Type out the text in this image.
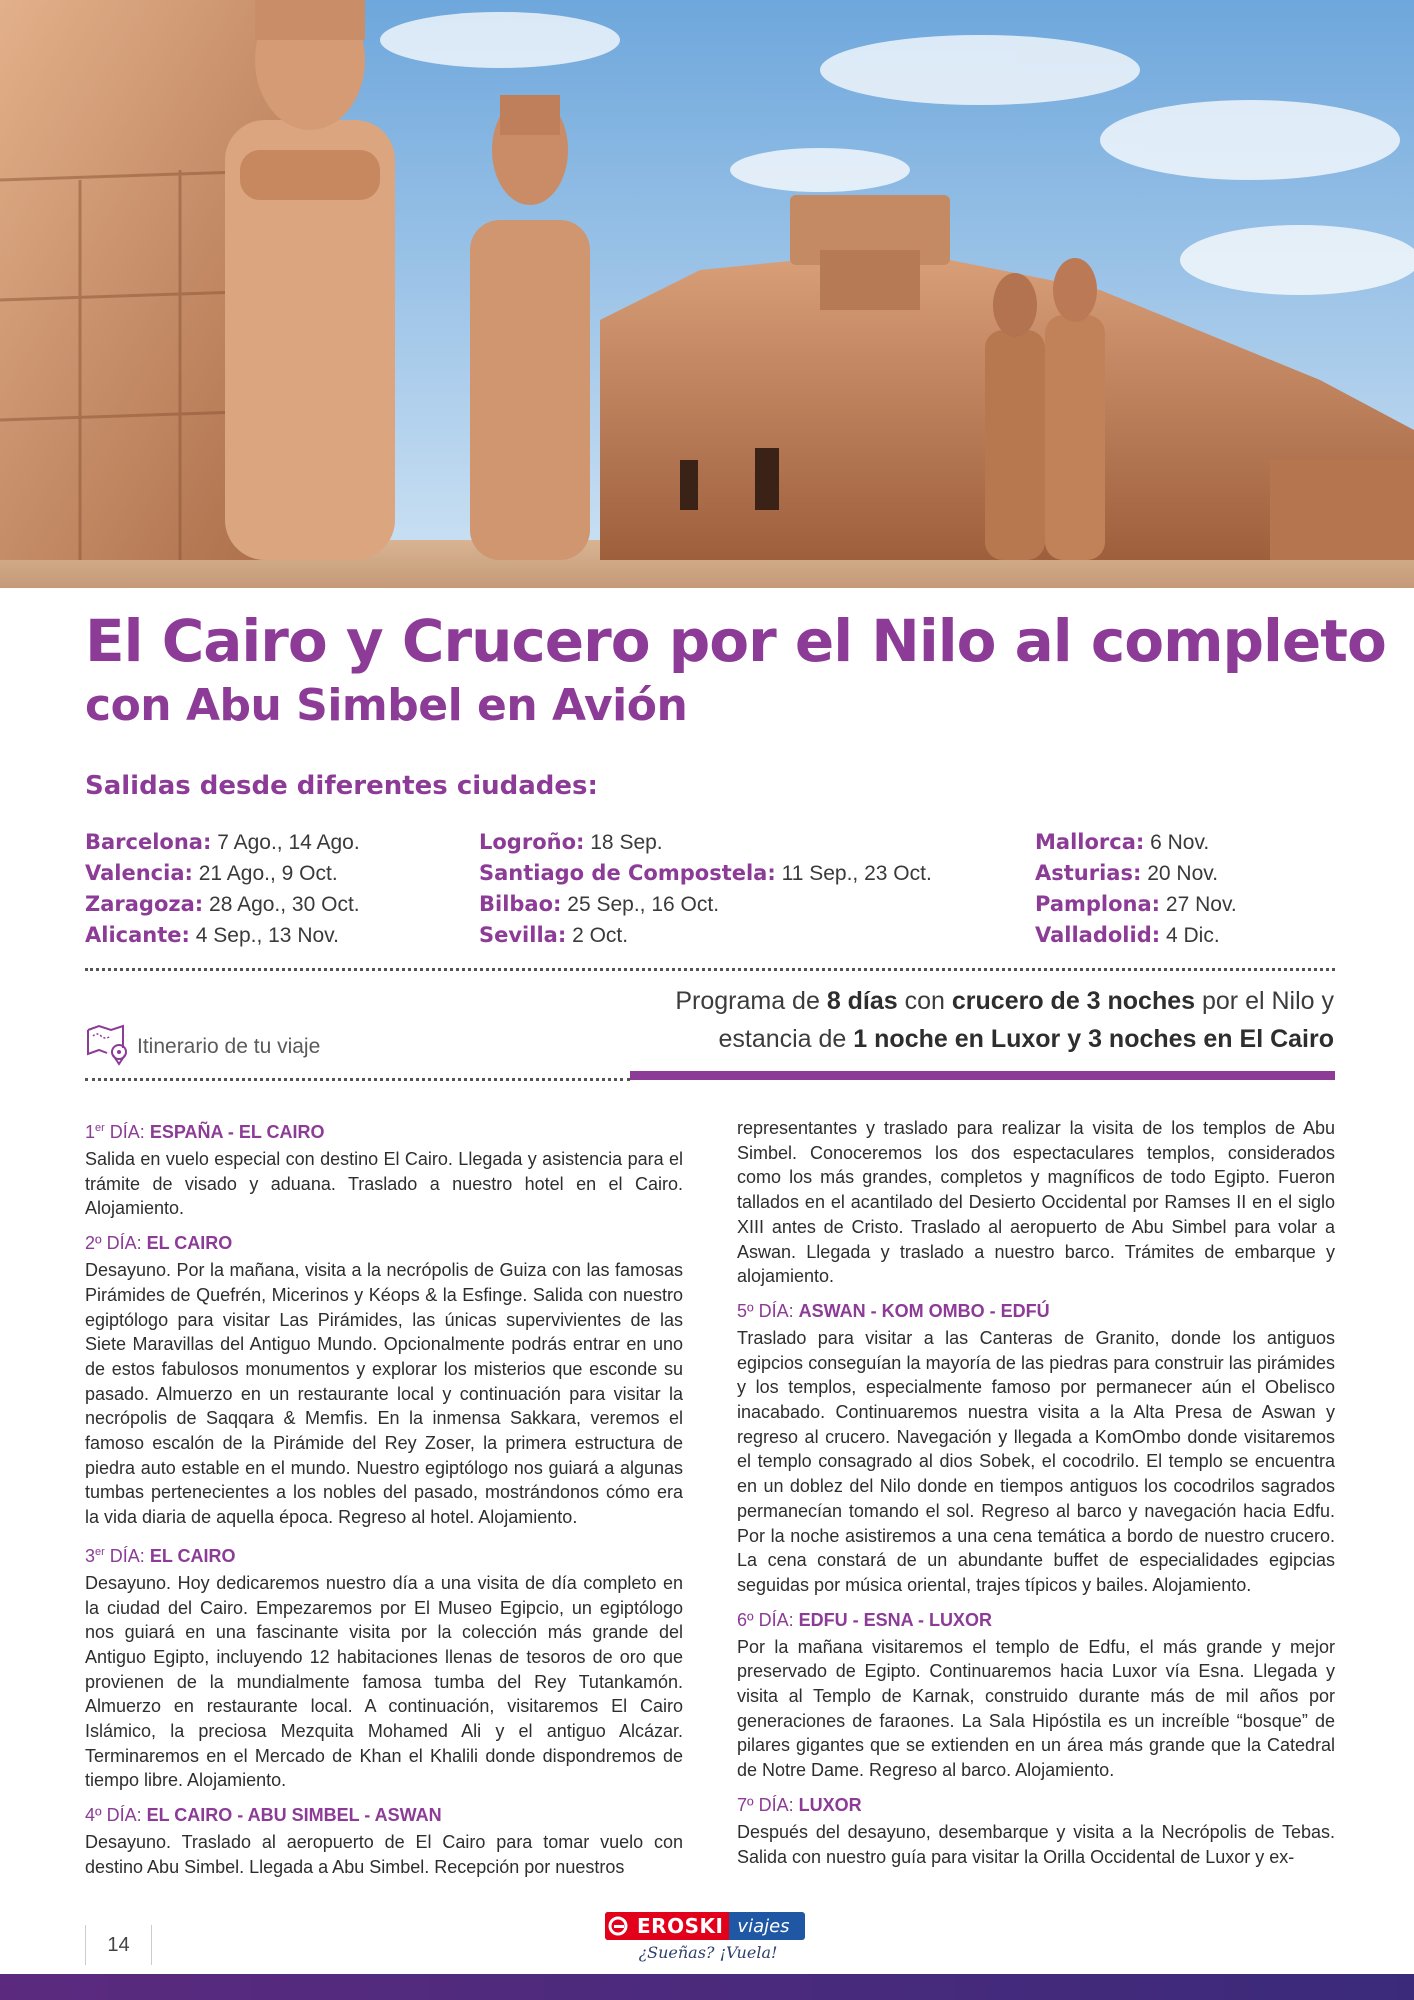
El Cairo y Crucero por el Nilo al completo
con Abu Simbel en Avión
Salidas desde diferentes ciudades:
Barcelona: 7 Ago., 14 Ago.
Valencia: 21 Ago., 9 Oct.
Zaragoza: 28 Ago., 30 Oct.
Alicante: 4 Sep., 13 Nov.
Logroño: 18 Sep.
Santiago de Compostela: 11 Sep., 23 Oct.
Bilbao: 25 Sep., 16 Oct.
Sevilla: 2 Oct.
Mallorca: 6 Nov.
Asturias: 20 Nov.
Pamplona: 27 Nov.
Valladolid: 4 Dic.
Programa de 8 días con crucero de 3 noches por el Nilo y
estancia de 1 noche en Luxor y 3 noches en El Cairo
Itinerario de tu viaje
1er DÍA: ESPAÑA - EL CAIRO

Salida en vuelo especial con destino El Cairo. Llegada y asistencia para el trámite de visado y aduana. Traslado a nuestro hotel en el Cairo. Alojamiento.

2º DÍA: EL CAIRO

Desayuno. Por la mañana, visita a la necrópolis de Guiza con las famosas Pirámides de Quefrén, Micerinos y Kéops & la Esfinge. Salida con nuestro egiptólogo para visitar Las Pirámides, las únicas supervivientes de las Siete Maravillas del Antiguo Mundo. Opcionalmente podrás entrar en uno de estos fabulosos monumentos y explorar los misterios que esconde su pasado. Almuerzo en un restaurante local y continuación para visitar la necrópolis de Saqqara & Memfis. En la inmensa Sakkara, veremos el famoso escalón de la Pirámide del Rey Zoser, la primera estructura de piedra auto estable en el mundo. Nuestro egiptólogo nos guiará a algunas tumbas pertenecientes a los nobles del pasado, mostrándonos cómo era la vida diaria de aquella época. Regreso al hotel. Alojamiento.

3er DÍA: EL CAIRO

Desayuno. Hoy dedicaremos nuestro día a una visita de día completo en la ciudad del Cairo. Empezaremos por El Museo Egipcio, un egiptólogo nos guiará en una fascinante visita por la colección más grande del Antiguo Egipto, incluyendo 12 habitaciones llenas de tesoros de oro que provienen de la mundialmente famosa tumba del Rey Tutankamón. Almuerzo en restaurante local. A continuación, visitaremos El Cairo Islámico, la preciosa Mezquita Mohamed Ali y el antiguo Alcázar. Terminaremos en el Mercado de Khan el Khalili donde dispondremos de tiempo libre. Alojamiento.

4º DÍA: EL CAIRO - ABU SIMBEL - ASWAN

Desayuno. Traslado al aeropuerto de El Cairo para tomar vuelo con destino Abu Simbel. Llegada a Abu Simbel. Recepción por nuestros

representantes y traslado para realizar la visita de los templos de Abu Simbel. Conoceremos los dos espectaculares templos, considerados como los más grandes, completos y magníficos de todo Egipto. Fueron tallados en el acantilado del Desierto Occidental por Ramses II en el siglo XIII antes de Cristo. Traslado al aeropuerto de Abu Simbel para volar a Aswan. Llegada y traslado a nuestro barco. Trámites de embarque y alojamiento.

5º DÍA: ASWAN - KOM OMBO - EDFÚ

Traslado para visitar a las Canteras de Granito, donde los antiguos egipcios conseguían la mayoría de las piedras para construir las pirámides y los templos, especialmente famoso por permanecer aún el Obelisco inacabado. Continuaremos nuestra visita a la Alta Presa de Aswan y regreso al crucero. Navegación y llegada a KomOmbo donde visitaremos el templo consagrado al dios Sobek, el cocodrilo. El templo se encuentra en un doblez del Nilo donde en tiempos antiguos los cocodrilos sagrados permanecían tomando el sol. Regreso al barco y navegación hacia Edfu. Por la noche asistiremos a una cena temática a bordo de nuestro crucero. La cena constará de un abundante buffet de especialidades egipcias seguidas por música oriental, trajes típicos y bailes. Alojamiento.

6º DÍA: EDFU - ESNA - LUXOR

Por la mañana visitaremos el templo de Edfu, el más grande y mejor preservado de Egipto. Continuaremos hacia Luxor vía Esna. Llegada y visita al Templo de Karnak, construido durante más de mil años por generaciones de faraones. La Sala Hipóstila es un increíble “bosque” de pilares gigantes que se extienden en un área más grande que la Catedral de Notre Dame. Regreso al barco. Alojamiento.

7º DÍA: LUXOR

Después del desayuno, desembarque y visita a la Necrópolis de Tebas. Salida con nuestro guía para visitar la Orilla Occidental de Luxor y ex-

14
EROSKI viajes
¿Sueñas? ¡Vuela!
